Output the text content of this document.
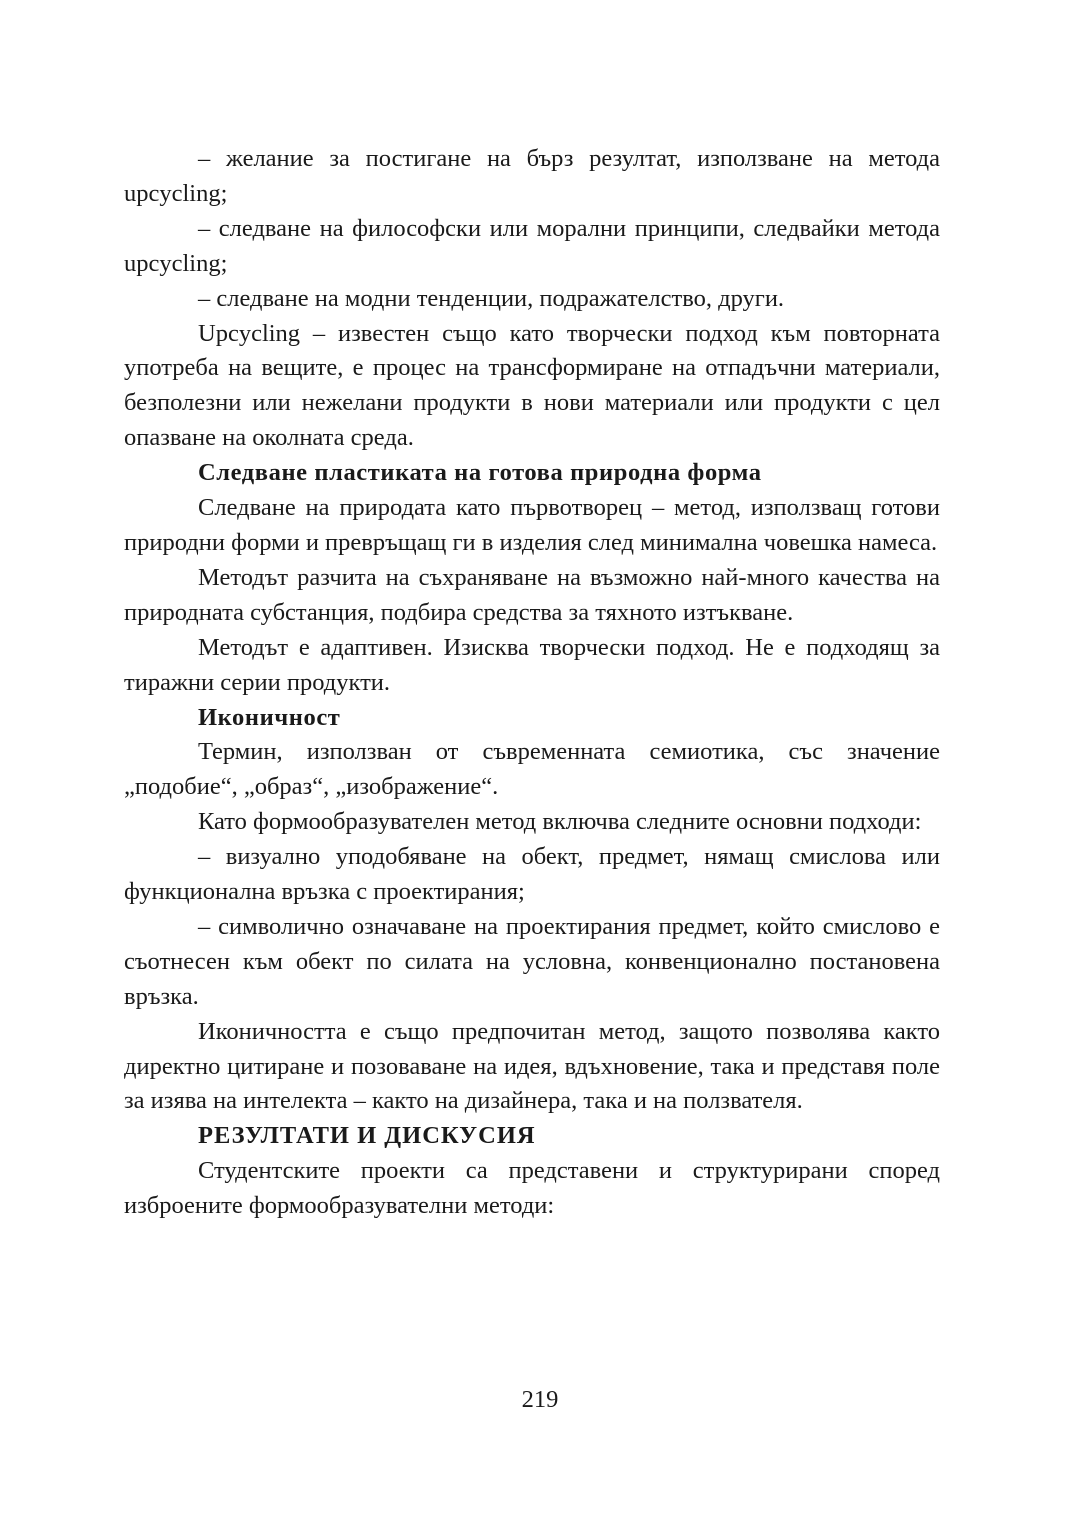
– желание за постигане на бърз резултат, използване на метода upcycling;

– следване на философски или морални принципи, следвайки метода upcycling;

– следване на модни тенденции, подражателство, други.

Upcycling – известен също като творчески подход към повторната употреба на вещите, е процес на трансформиране на отпадъчни материали, безполезни или нежелани продукти в нови материали или продукти с цел опазване на околната среда.

Следване пластиката на готова природна форма

Следване на природата като първотворец – метод, използващ готови природни форми и превръщащ ги в изделия след минимална човешка намеса.

Методът разчита на съхраняване на възможно най-много качества на природната субстанция, подбира средства за тяхното изтъкване.

Методът е адаптивен. Изисква творчески подход. Не е подходящ за тиражни серии продукти.

Иконичност

Термин, използван от съвременната семиотика, със значение „подобие“, „образ“, „изображение“.

Като формообразувателен метод включва следните основни подходи:

– визуално уподобяване на обект, предмет, нямащ смислова или функционална връзка с проектирания;

– символично означаване на проектирания предмет, който смислово е съотнесен към обект по силата на условна, конвенционално постановена връзка.

Иконичността е също предпочитан метод, защото позволява както директно цитиране и позоваване на идея, вдъхновение, така и представя поле за изява на интелекта – както на дизайнера, така и на ползвателя.

РЕЗУЛТАТИ И ДИСКУСИЯ

Студентските проекти са представени и структурирани според изброените формообразувателни методи:

219
